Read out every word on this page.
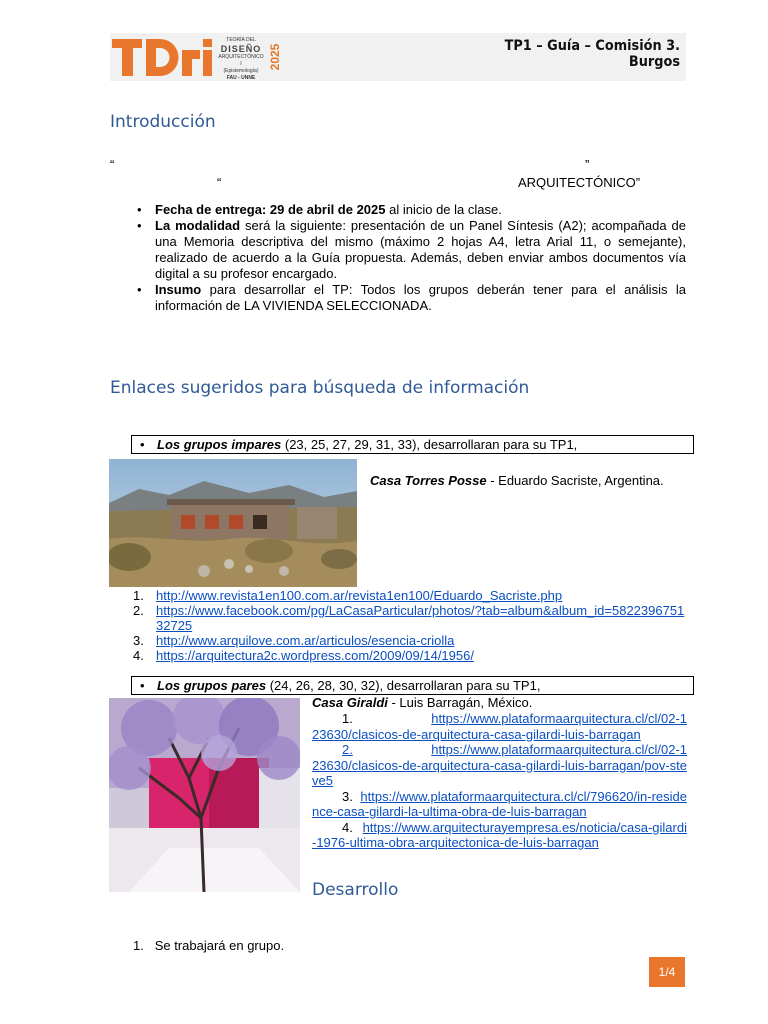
TEORÍA DEL
DISEÑO
ARQUITECTÓNICO I
(Epistemología)
FAU - UNNE
2025	TP1 – Guía – Comisión 3. Burgos
Introducción
“	”
“	ARQUITECTÓNICO”
• Fecha de entrega: 29 de abril de 2025 al inicio de la clase.
• La modalidad será la siguiente: presentación de un Panel Síntesis (A2); acompañada de una Memoria descriptiva del mismo (máximo 2 hojas A4, letra Arial 11, o semejante), realizado de acuerdo a la Guía propuesta. Además, deben enviar ambos documentos vía digital a su profesor encargado.
• Insumo para desarrollar el TP: Todos los grupos deberán tener para el análisis la información de LA VIVIENDA SELECCIONADA.
Enlaces sugeridos para búsqueda de información
• Los grupos impares (23, 25, 27, 29, 31, 33), desarrollaran para su TP1,
Casa Torres Posse - Eduardo Sacriste, Argentina.
1. http://www.revista1en100.com.ar/revista1en100/Eduardo_Sacriste.php
2. https://www.facebook.com/pg/LaCasaParticular/photos/?tab=album&album_id=582239675132725
3. http://www.arquilove.com.ar/articulos/esencia-criolla
4. https://arquitectura2c.wordpress.com/2009/09/14/1956/
• Los grupos pares (24, 26, 28, 30, 32), desarrollaran para su TP1,
Casa Giraldi - Luis Barragán, México.
1.	https://www.plataformaarquitectura.cl/cl/02-123630/clasicos-de-arquitectura-casa-gilardi-luis-barragan
2.	https://www.plataformaarquitectura.cl/cl/02-123630/clasicos-de-arquitectura-casa-gilardi-luis-barragan/pov-steve5
3. https://www.plataformaarquitectura.cl/cl/796620/in-residence-casa-gilardi-la-ultima-obra-de-luis-barragan
4. https://www.arquitecturayempresa.es/noticia/casa-gilardi-1976-ultima-obra-arquitectonica-de-luis-barragan
Desarrollo
1. Se trabajará en grupo.
1/4
